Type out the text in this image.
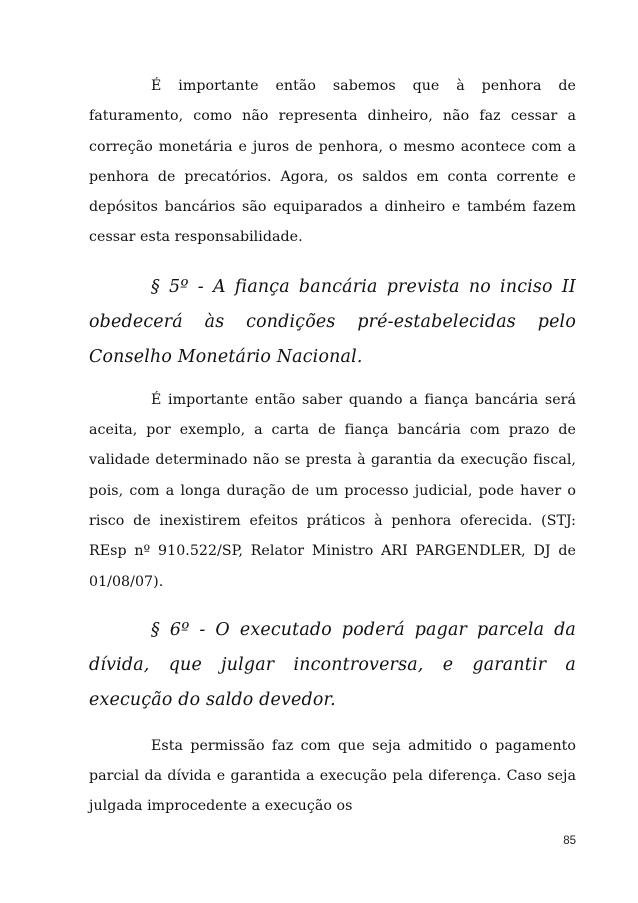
É importante então sabemos que à penhora de faturamento, como não representa dinheiro, não faz cessar a correção monetária e juros de penhora, o mesmo acontece com a penhora de precatórios. Agora, os saldos em conta corrente e depósitos bancários são equiparados a dinheiro e também fazem cessar esta responsabilidade.

§ 5º - A fiança bancária prevista no inciso II obedecerá às condições pré-estabelecidas pelo Conselho Monetário Nacional.

É importante então saber quando a fiança bancária será aceita, por exemplo, a carta de fiança bancária com prazo de validade determinado não se presta à garantia da execução fiscal, pois, com a longa duração de um processo judicial, pode haver o risco de inexistirem efeitos práticos à penhora oferecida. (STJ: REsp nº 910.522/SP, Relator Ministro ARI PARGENDLER, DJ de 01/08/07).

§ 6º - O executado poderá pagar parcela da dívida, que julgar incontroversa, e garantir a execução do saldo devedor.

Esta permissão faz com que seja admitido o pagamento parcial da dívida e garantida a execução pela diferença. Caso seja julgada improcedente a execução os

85
